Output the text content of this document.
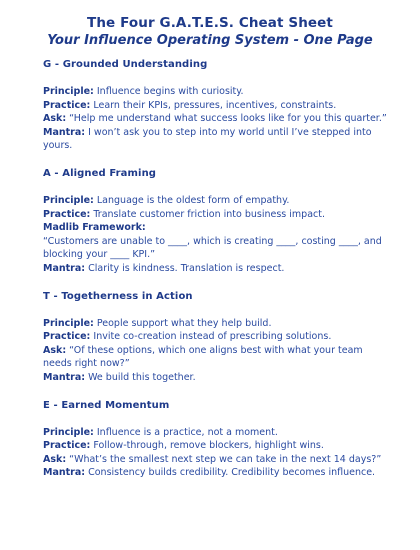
The Four G.A.T.E.S. Cheat Sheet
Your Influence Operating System - One Page
G - Grounded Understanding

Principle: Influence begins with curiosity.

Practice: Learn their KPIs, pressures, incentives, constraints.

Ask: “Help me understand what success looks like for you this quarter.”

Mantra: I won’t ask you to step into my world until I’ve stepped into yours.

A - Aligned Framing

Principle: Language is the oldest form of empathy.

Practice: Translate customer friction into business impact.

Madlib Framework:

“Customers are unable to ____, which is creating ____, costing ____, and blocking your ____ KPI.”

Mantra: Clarity is kindness. Translation is respect.

T - Togetherness in Action

Principle: People support what they help build.

Practice: Invite co-creation instead of prescribing solutions.

Ask: “Of these options, which one aligns best with what your team needs right now?”

Mantra: We build this together.

E - Earned Momentum

Principle: Influence is a practice, not a moment.

Practice: Follow-through, remove blockers, highlight wins.

Ask: “What’s the smallest next step we can take in the next 14 days?”

Mantra: Consistency builds credibility. Credibility becomes influence.
